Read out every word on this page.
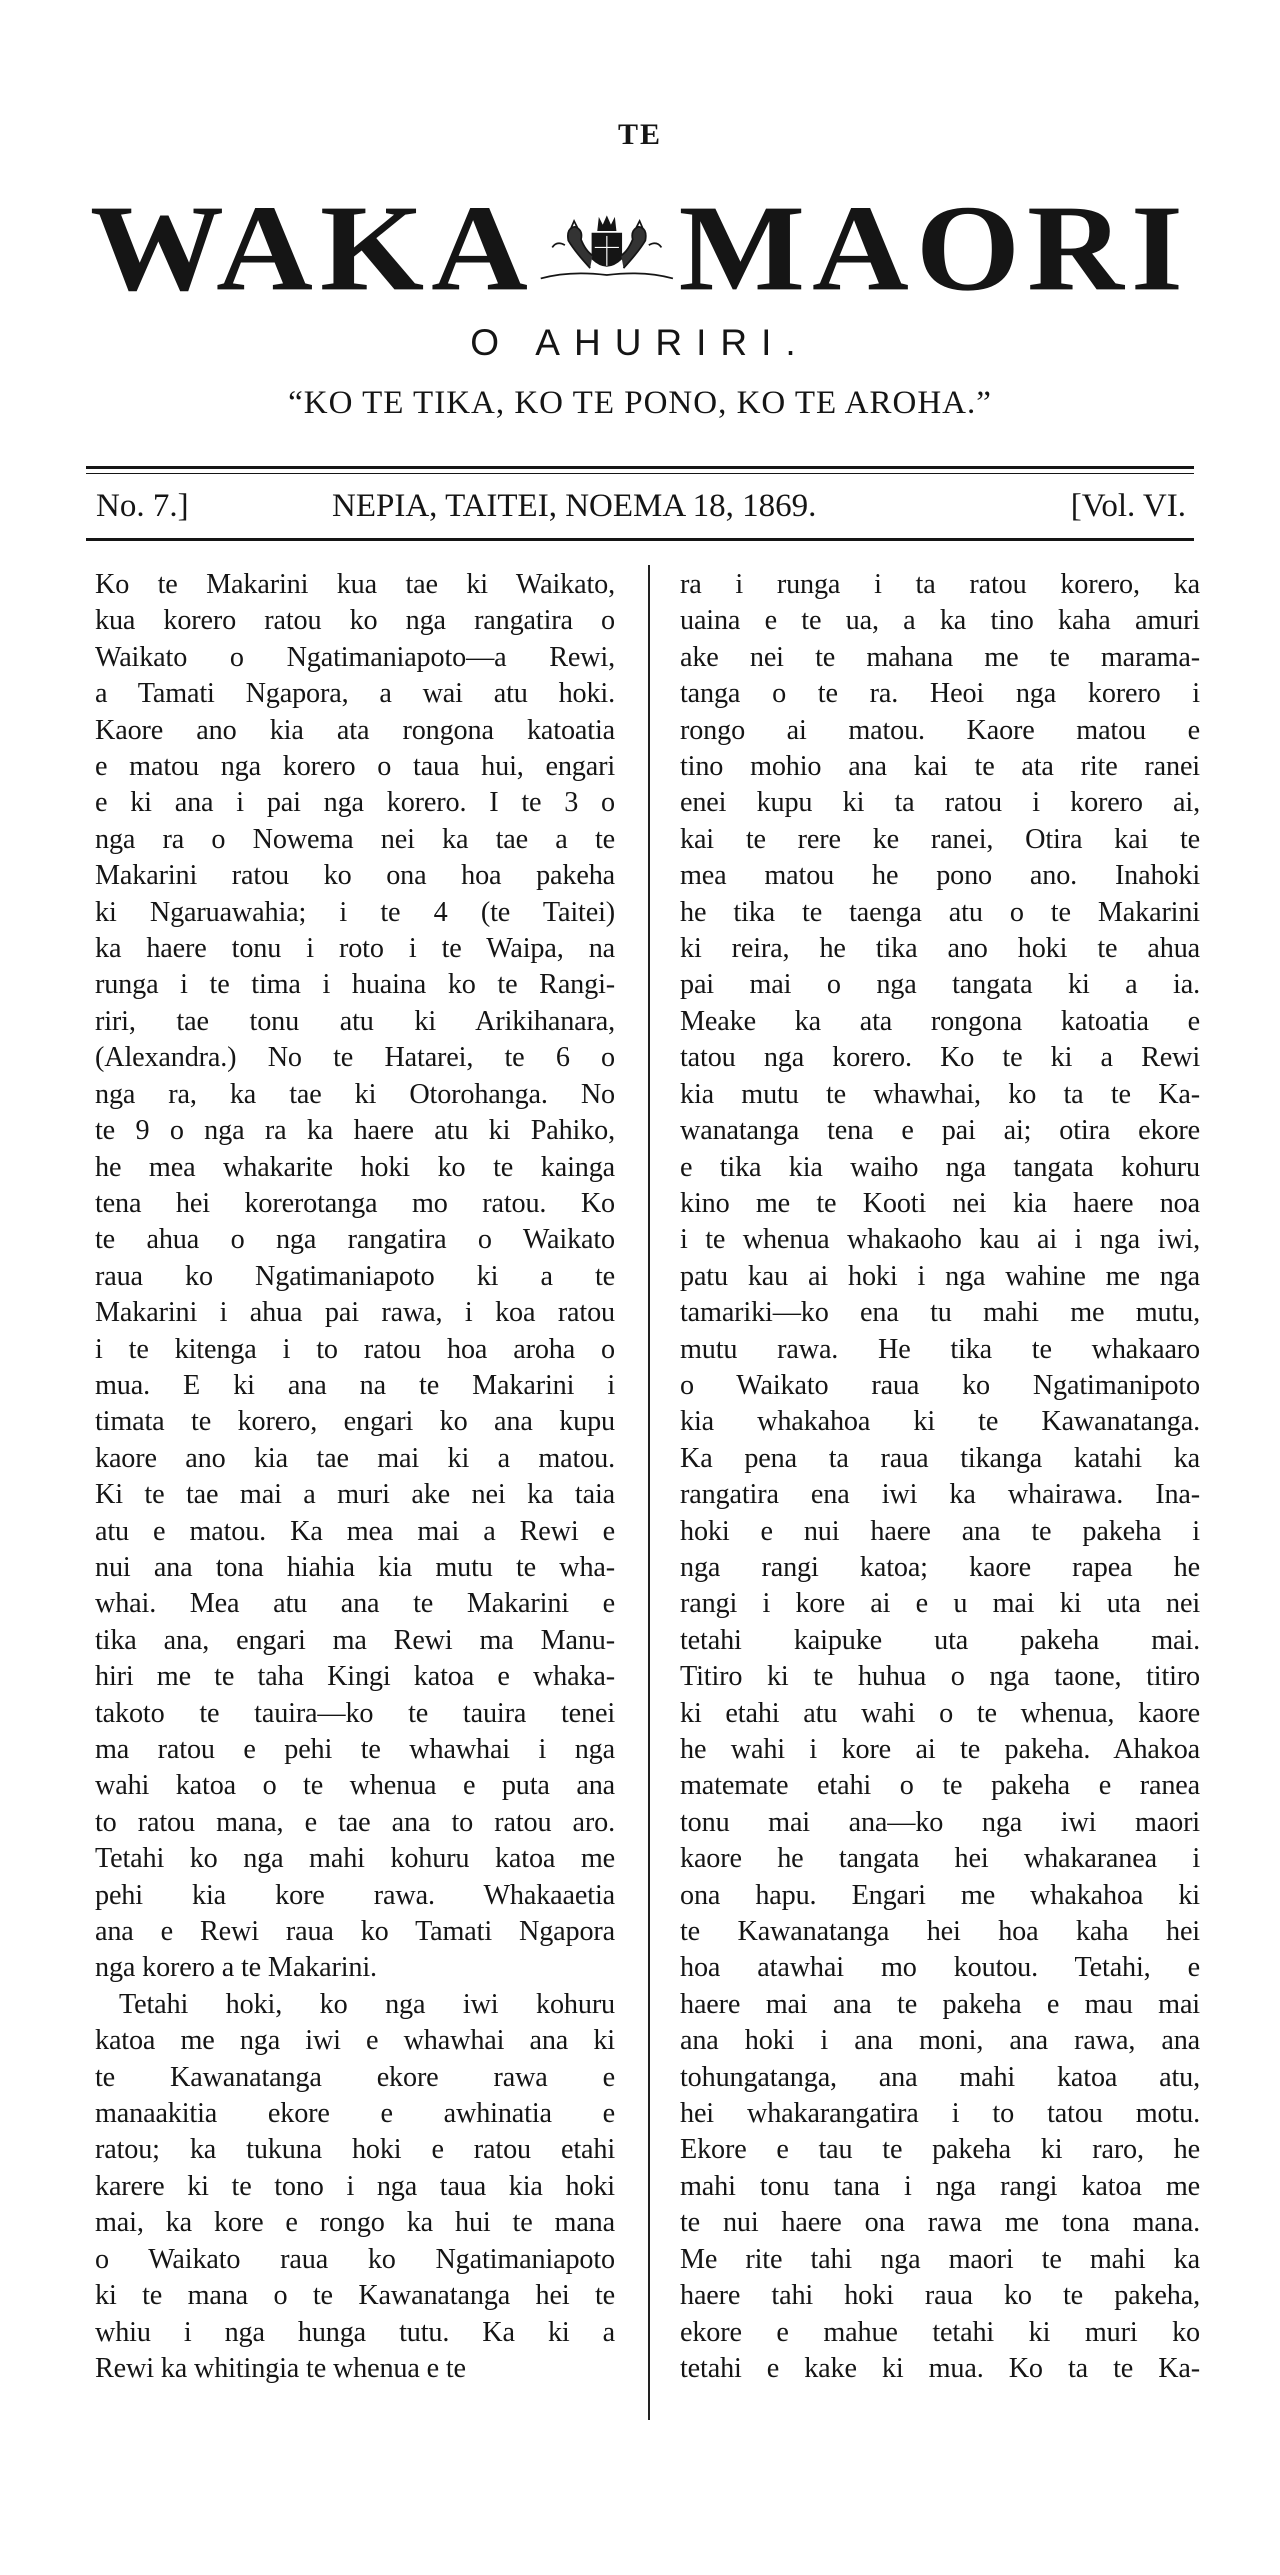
TE
WAKA MAORI
O AHURIRI.
“KO TE TIKA, KO TE PONO, KO TE AROHA.”
No. 7.]	NEPIA, TAITEI, NOEMA 18, 1869.	[Vol. VI.
Ko te Makarini kua tae ki Waikato,
kua korero ratou ko nga rangatira o
Waikato o Ngatimaniapoto—a Rewi,
a Tamati Ngapora, a wai atu hoki.
Kaore ano kia ata rongona katoatia
e matou nga korero o taua hui, engari
e ki ana i pai nga korero. I te 3 o
nga ra o Nowema nei ka tae a te
Makarini ratou ko ona hoa pakeha
ki Ngaruawahia; i te 4 (te Taitei)
ka haere tonu i roto i te Waipa, na
runga i te tima i huaina ko te Rangi-
riri, tae tonu atu ki Arikihanara,
(Alexandra.) No te Hatarei, te 6 o
nga ra, ka tae ki Otorohanga. No
te 9 o nga ra ka haere atu ki Pahiko,
he mea whakarite hoki ko te kainga
tena hei korerotanga mo ratou. Ko
te ahua o nga rangatira o Waikato
raua ko Ngatimaniapoto ki a te
Makarini i ahua pai rawa, i koa ratou
i te kitenga i to ratou hoa aroha o
mua. E ki ana na te Makarini i
timata te korero, engari ko ana kupu
kaore ano kia tae mai ki a matou.
Ki te tae mai a muri ake nei ka taia
atu e matou. Ka mea mai a Rewi e
nui ana tona hiahia kia mutu te wha-
whai. Mea atu ana te Makarini e
tika ana, engari ma Rewi ma Manu-
hiri me te taha Kingi katoa e whaka-
takoto te tauira—ko te tauira tenei
ma ratou e pehi te whawhai i nga
wahi katoa o te whenua e puta ana
to ratou mana, e tae ana to ratou aro.
Tetahi ko nga mahi kohuru katoa me
pehi kia kore rawa. Whakaaetia
ana e Rewi raua ko Tamati Ngapora
nga korero a te Makarini.
Tetahi hoki, ko nga iwi kohuru
katoa me nga iwi e whawhai ana ki
te Kawanatanga ekore rawa e
manaakitia ekore e awhinatia e
ratou; ka tukuna hoki e ratou etahi
karere ki te tono i nga taua kia hoki
mai, ka kore e rongo ka hui te mana
o Waikato raua ko Ngatimaniapoto
ki te mana o te Kawanatanga hei te
whiu i nga hunga tutu. Ka ki a
Rewi ka whitingia te whenua e te
ra i runga i ta ratou korero, ka
uaina e te ua, a ka tino kaha amuri
ake nei te mahana me te marama-
tanga o te ra. Heoi nga korero i
rongo ai matou. Kaore matou e
tino mohio ana kai te ata rite ranei
enei kupu ki ta ratou i korero ai,
kai te rere ke ranei, Otira kai te
mea matou he pono ano. Inahoki
he tika te taenga atu o te Makarini
ki reira, he tika ano hoki te ahua
pai mai o nga tangata ki a ia.
Meake ka ata rongona katoatia e
tatou nga korero. Ko te ki a Rewi
kia mutu te whawhai, ko ta te Ka-
wanatanga tena e pai ai; otira ekore
e tika kia waiho nga tangata kohuru
kino me te Kooti nei kia haere noa
i te whenua whakaoho kau ai i nga iwi,
patu kau ai hoki i nga wahine me nga
tamariki—ko ena tu mahi me mutu,
mutu rawa. He tika te whakaaro
o Waikato raua ko Ngatimanipoto
kia whakahoa ki te Kawanatanga.
Ka pena ta raua tikanga katahi ka
rangatira ena iwi ka whairawa. Ina-
hoki e nui haere ana te pakeha i
nga rangi katoa; kaore rapea he
rangi i kore ai e u mai ki uta nei
tetahi kaipuke uta pakeha mai.
Titiro ki te huhua o nga taone, titiro
ki etahi atu wahi o te whenua, kaore
he wahi i kore ai te pakeha. Ahakoa
matemate etahi o te pakeha e ranea
tonu mai ana—ko nga iwi maori
kaore he tangata hei whakaranea i
ona hapu. Engari me whakahoa ki
te Kawanatanga hei hoa kaha hei
hoa atawhai mo koutou. Tetahi, e
haere mai ana te pakeha e mau mai
ana hoki i ana moni, ana rawa, ana
tohungatanga, ana mahi katoa atu,
hei whakarangatira i to tatou motu.
Ekore e tau te pakeha ki raro, he
mahi tonu tana i nga rangi katoa me
te nui haere ona rawa me tona mana.
Me rite tahi nga maori te mahi ka
haere tahi hoki raua ko te pakeha,
ekore e mahue tetahi ki muri ko
tetahi e kake ki mua. Ko ta te Ka-
